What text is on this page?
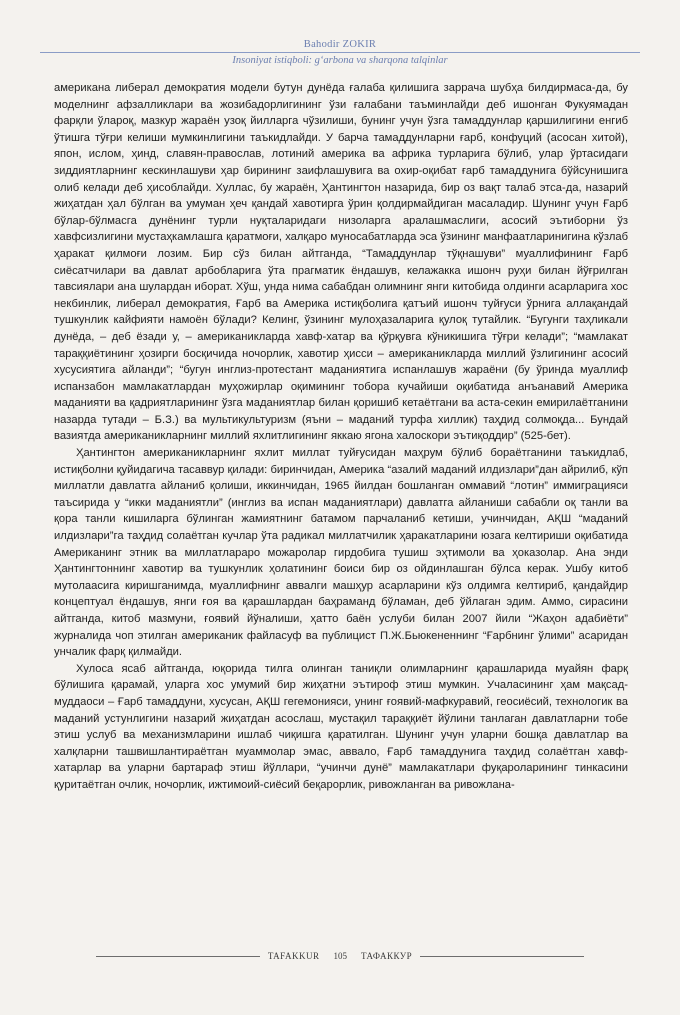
Bahodir ZOKIR
Insoniyat istiqboli: g‘arbona va sharqona talqinlar

американа либерал демократия модели бутун дунёда ғалаба қилишига заррача шубҳа билдирмаса-да, бу моделнинг афзалликлари ва жозибадорлигининг ўзи ғалабани таъминлайди деб ишонган Фукуямадан фарқли ўлароқ, мазкур жараён узоқ йилларга чўзилиши, бунинг учун ўзга тамаддунлар қаршилигини енгиб ўтишга тўғри келиши мумкинлигини таъкидлайди. У барча тамаддунларни ғарб, конфуций (асосан хитой), япон, ислом, ҳинд, славян-православ, лотиний америка ва африка турларига бўлиб, улар ўртасидаги зиддиятларнинг кескинлашуви ҳар бирининг заифлашувига ва охир-оқибат ғарб тамаддунига бўйсунишига олиб келади деб ҳисоблайди. Хуллас, бу жараён, Ҳантингтон назарида, бир оз вақт талаб этса-да, назарий жиҳатдан ҳал бўлган ва умуман ҳеч қандай хавотирга ўрин қолдирмайдиган масаладир. Шунинг учун Ғарб бўлар-бўлмасга дунёнинг турли нуқталаридаги низоларга аралашмаслиги, асосий эътиборни ўз хавфсизлигини мустаҳкамлашга қаратмоғи, халқаро муносабатларда эса ўзининг манфаатларинигина кўзлаб ҳаракат қилмоғи лозим. Бир сўз билан айтганда, “Тамаддунлар тўқнашуви” муаллифининг Ғарб сиёсатчилари ва давлат арбобларига ўта прагматик ёндашув, келажакка ишонч руҳи билан йўғрилган тавсиялари ана шулардан иборат. Хўш, унда нима сабабдан олимнинг янги китобида олдинги асарларига хос некбинлик, либерал демократия, Ғарб ва Америка истиқболига қатъий ишонч туйғуси ўрнига аллақандай тушкунлик кайфияти намоён бўлади? Келинг, ўзининг мулоҳазаларига қулоқ тутайлик. “Бугунги таҳликали дунёда, – деб ёзади у, – американикларда хавф-хатар ва қўрқувга кўникишига тўғри келади”; “мамлакат тараққиётининг ҳозирги босқичида ночорлик, хавотир ҳисси – американикларда миллий ўзлигининг асосий хусусиятига айланди”; “бугун инглиз-протестант маданиятига испанлашув жараёни (бу ўринда муаллиф испанзабон мамлакатлардан муҳожирлар оқимининг тобора кучайиши оқибатида анъанавий Америка маданияти ва қадриятларининг ўзга маданиятлар билан қоришиб кетаётгани ва аста-секин емирилаётганини назарда тутади – Б.З.) ва мультикультуризм (яъни – маданий турфа хиллик) таҳдид солмоқда... Бундай вазиятда американикларнинг миллий яхлитлигининг яккаю ягона халоскори эътиқоддир” (525-бет).

Ҳантингтон американикларнинг яхлит миллат туйғусидан маҳрум бўлиб бораётганини таъкидлаб, истиқболни қуйидагича тасаввур қилади: биринчидан, Америка “азалий маданий илдизлари”дан айрилиб, кўп миллатли давлатга айланиб қолиши, иккинчидан, 1965 йилдан бошланган оммавий “лотин” иммиграцияси таъсирида у “икки маданиятли” (инглиз ва испан маданиятлари) давлатга айланиши сабабли оқ танли ва қора танли кишиларга бўлинган жамиятнинг батамом парчаланиб кетиши, учинчидан, АҚШ “маданий илдизлари”га таҳдид солаётган кучлар ўта радикал миллатчилик ҳаракатларини юзага келтириши оқибатида Американинг этник ва миллатлараро можаролар гирдобига тушиш эҳтимоли ва ҳоказолар. Ана энди Ҳантингтоннинг хавотир ва тушкунлик ҳолатининг боиси бир оз ойдинлашган бўлса керак. Ушбу китоб мутолаасига киришганимда, муаллифнинг аввалги машҳур асарларини кўз олдимга келтириб, қандайдир концептуал ёндашув, янги ғоя ва қарашлардан баҳраманд бўламан, деб ўйлаган эдим. Аммо, сирасини айтганда, китоб мазмуни, ғоявий йўналиши, ҳатто баён услуби билан 2007 йили “Жаҳон адабиёти” журналида чоп этилган американик файласуф ва публицист П.Ж.Бьюкененнинг “Ғарбнинг ўлими” асаридан унчалик фарқ қилмайди.

Хулоса ясаб айтганда, юқорида тилга олинган таниқли олимларнинг қарашларида муайян фарқ бўлишига қарамай, уларга хос умумий бир жиҳатни эътироф этиш мумкин. Учаласининг ҳам мақсад-муддаоси – Ғарб тамаддуни, хусусан, АҚШ гегемонияси, унинг ғоявий-мафкуравий, геосиёсий, технологик ва маданий устунлигини назарий жиҳатдан асослаш, мустақил тараққиёт йўлини танлаган давлатларни тобе этиш услуб ва механизмларини ишлаб чиқишга қаратилган. Шунинг учун уларни бошқа давлатлар ва халқларни ташвишлантираётган муаммолар эмас, аввало, Ғарб тамаддунига таҳдид солаётган хавф-хатарлар ва уларни бартараф этиш йўллари, “учинчи дунё” мамлакатлари фуқароларининг тинкасини қуритаётган очлик, ночорлик, ижтимоий-сиёсий беқарорлик, ривожланган ва ривожлана-

TAFAKKUR	105	ТАФАККУР
